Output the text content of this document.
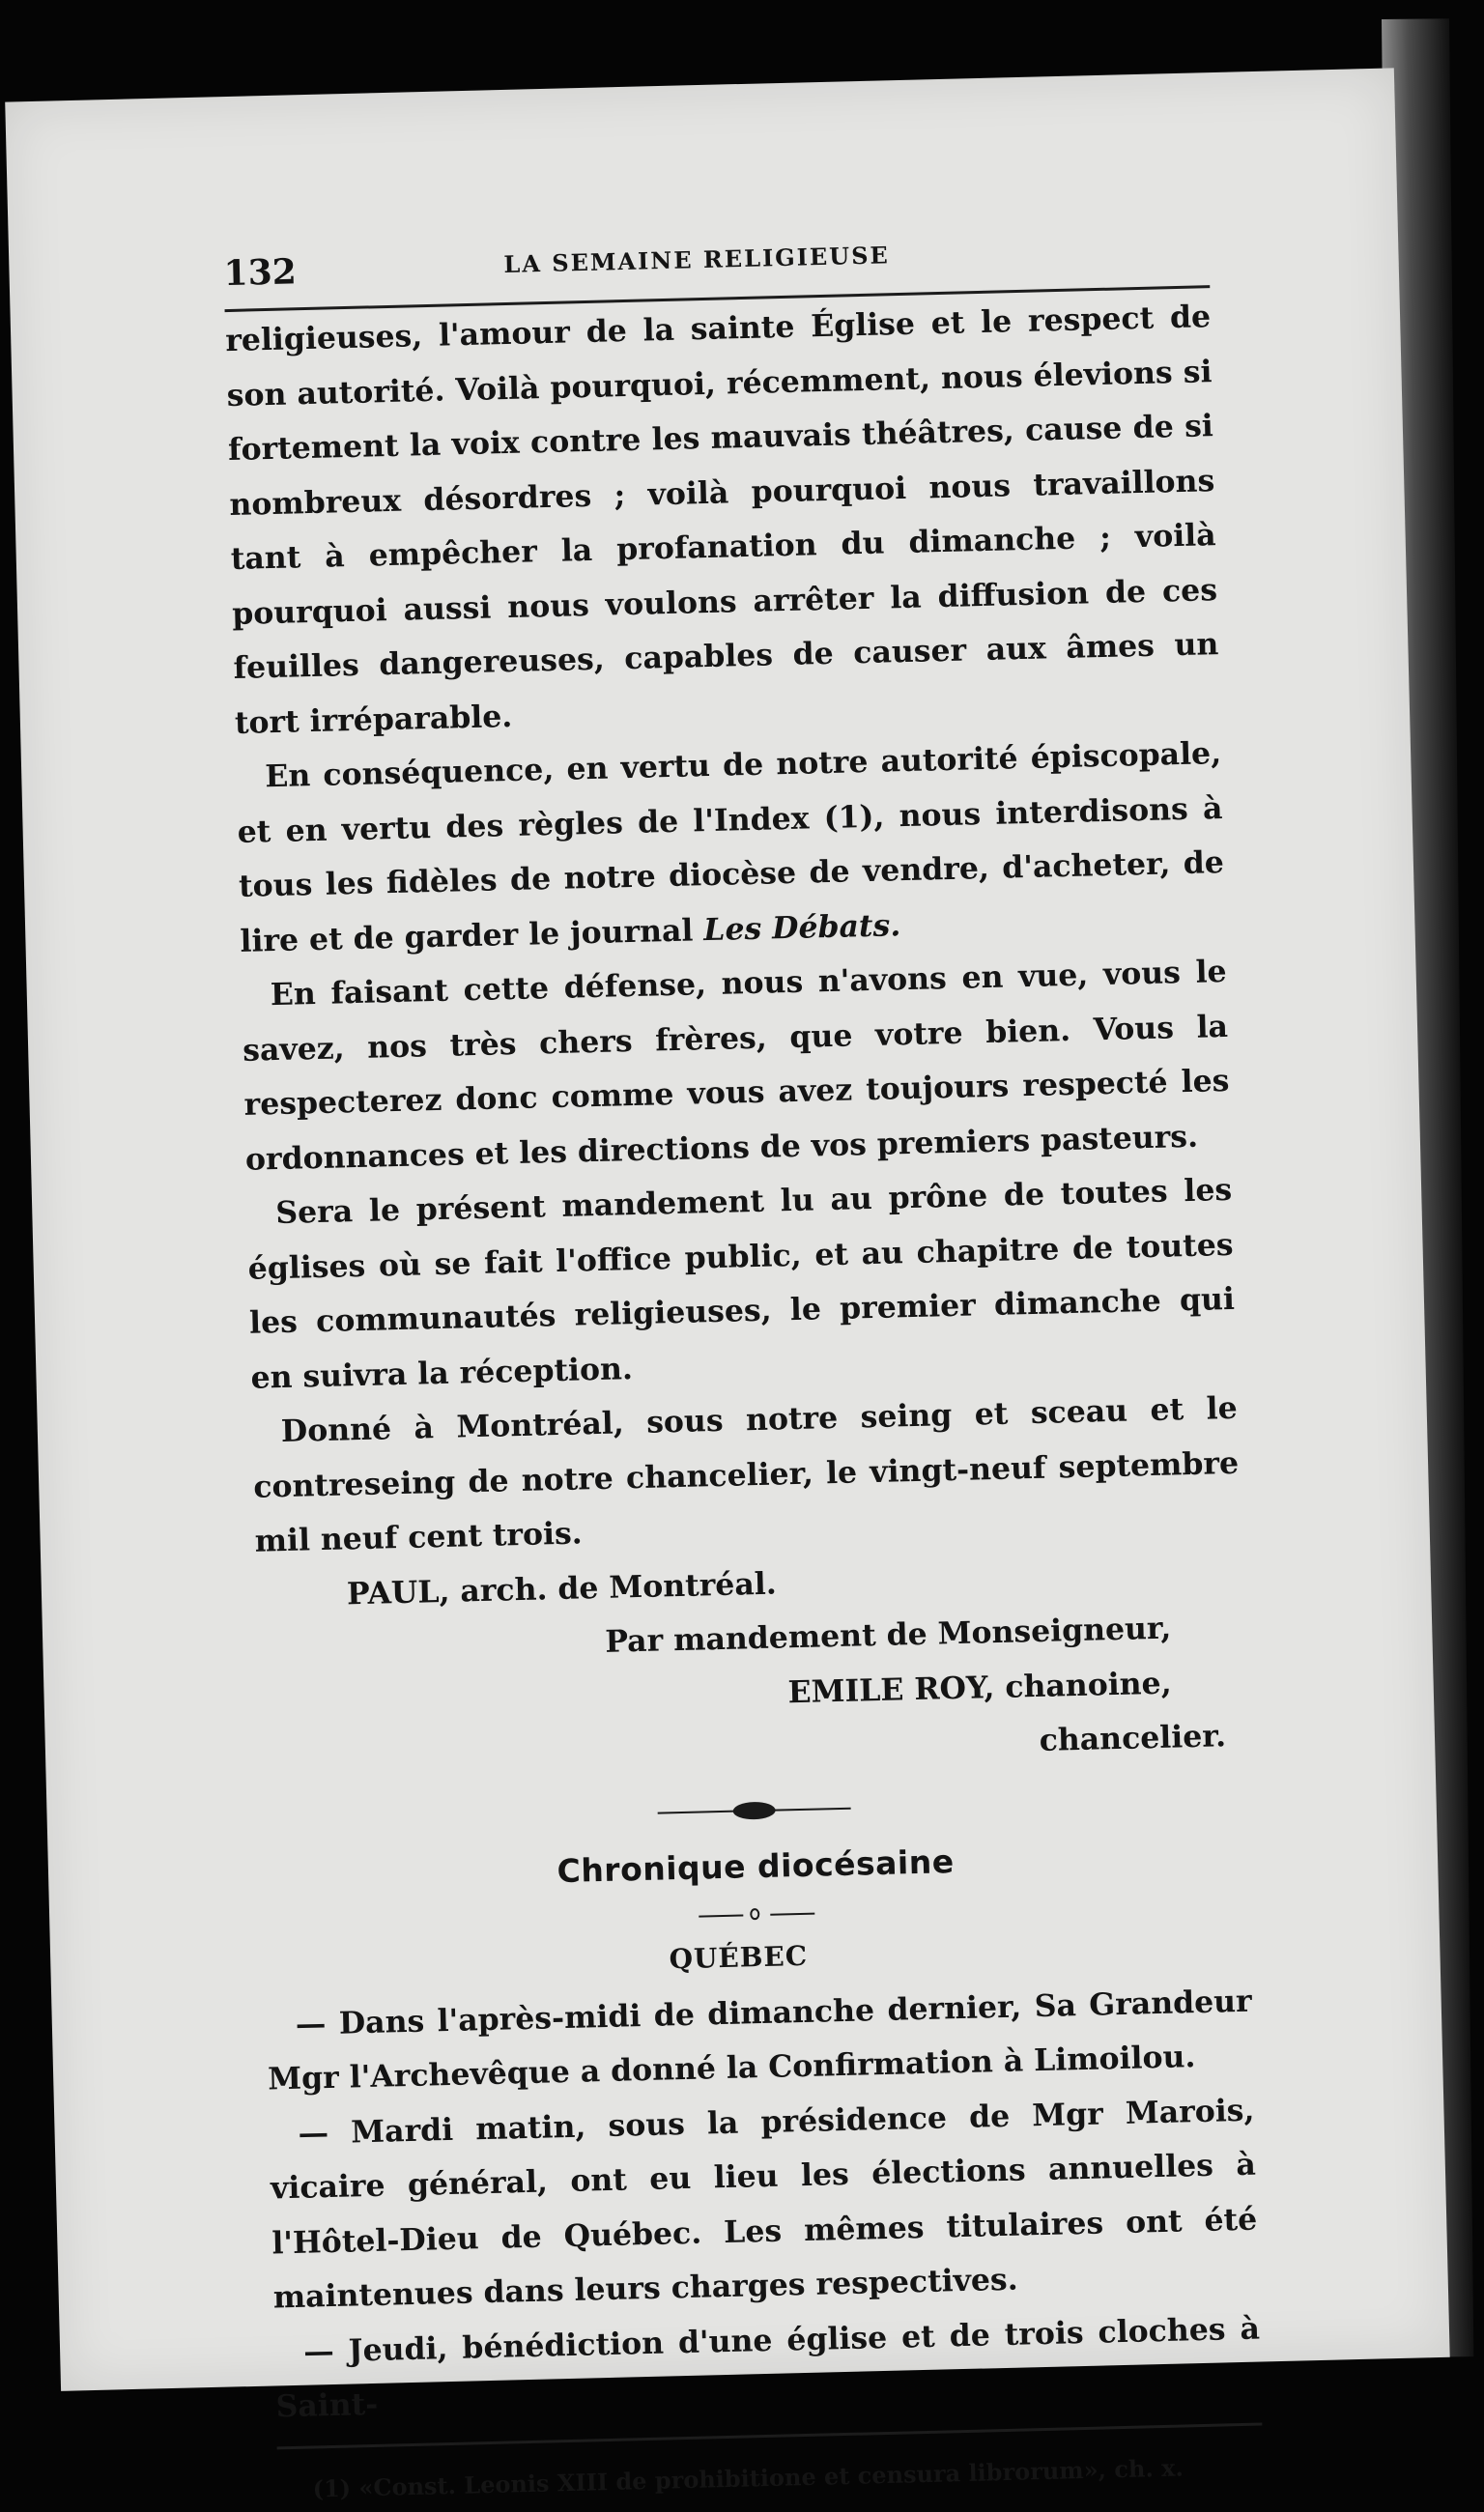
132	LA SEMAINE RELIGIEUSE

religieuses, l'amour de la sainte Église et le respect de son autorité. Voilà pourquoi, récemment, nous élevions si fortement la voix contre les mauvais théâtres, cause de si nombreux désordres ; voilà pourquoi nous travaillons tant à empêcher la profanation du dimanche ; voilà pourquoi aussi nous voulons arrêter la diffusion de ces feuilles dangereuses, capables de causer aux âmes un tort irréparable.

En conséquence, en vertu de notre autorité épiscopale, et en vertu des règles de l'Index (1), nous interdisons à tous les fidèles de notre diocèse de vendre, d'acheter, de lire et de garder le journal Les Débats.

En faisant cette défense, nous n'avons en vue, vous le savez, nos très chers frères, que votre bien. Vous la respecterez donc comme vous avez toujours respecté les ordonnances et les directions de vos premiers pasteurs.

Sera le présent mandement lu au prône de toutes les églises où se fait l'office public, et au chapitre de toutes les communautés religieuses, le premier dimanche qui en suivra la réception.

Donné à Montréal, sous notre seing et sceau et le contreseing de notre chancelier, le vingt-neuf septembre mil neuf cent trois.

PAUL, arch. de Montréal.
Par mandement de Monseigneur,
EMILE ROY, chanoine,
chancelier.
Chronique diocésaine
QUÉBEC

— Dans l'après-midi de dimanche dernier, Sa Grandeur Mgr l'Archevêque a donné la Confirmation à Limoilou.

— Mardi matin, sous la présidence de Mgr Marois, vicaire général, ont eu lieu les élections annuelles à l'Hôtel-Dieu de Québec. Les mêmes titulaires ont été maintenues dans leurs charges respectives.

— Jeudi, bénédiction d'une église et de trois cloches à Saint-

(1) «Const. Leonis XIII de prohibitione et censura librorum», ch. x.
